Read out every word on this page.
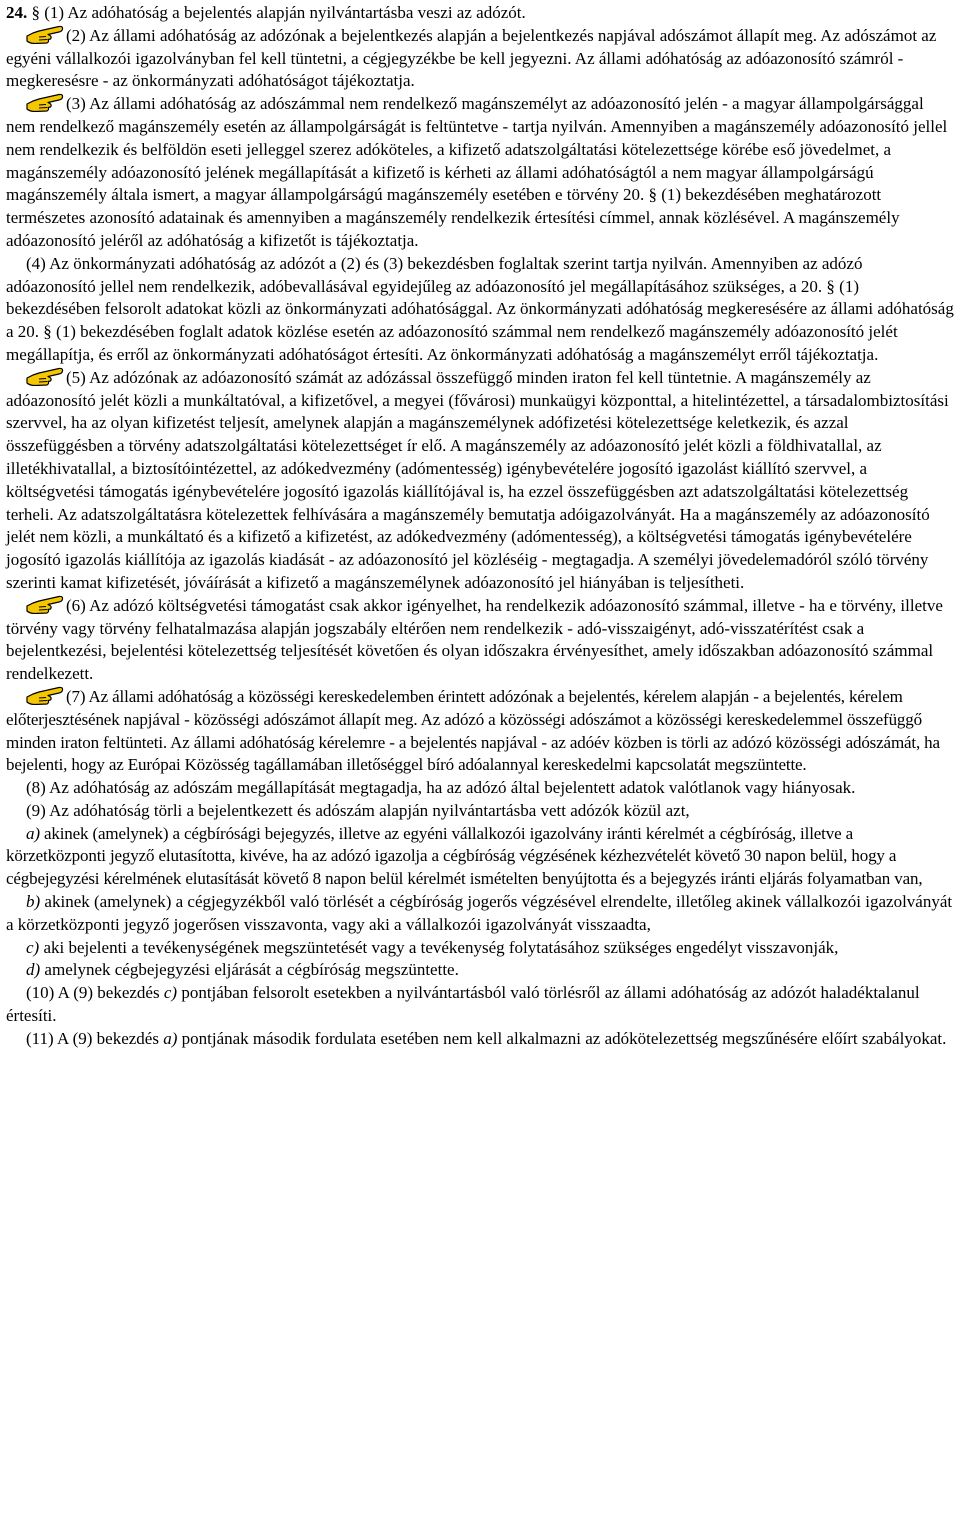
24. § (1) Az adóhatóság a bejelentés alapján nyilvántartásba veszi az adózót.

(2) Az állami adóhatóság az adózónak a bejelentkezés alapján a bejelentkezés napjával adószámot állapít meg. Az adószámot az egyéni vállalkozói igazolványban fel kell tüntetni, a cégjegyzékbe be kell jegyezni. Az állami adóhatóság az adóazonosító számról - megkeresésre - az önkormányzati adóhatóságot tájékoztatja.

(3) Az állami adóhatóság az adószámmal nem rendelkező magánszemélyt az adóazonosító jelén - a magyar állampolgársággal nem rendelkező magánszemély esetén az állampolgárságát is feltüntetve - tartja nyilván. Amennyiben a magánszemély adóazonosító jellel nem rendelkezik és belföldön eseti jelleggel szerez adóköteles, a kifizető adatszolgáltatási kötelezettsége körébe eső jövedelmet, a magánszemély adóazonosító jelének megállapítását a kifizető is kérheti az állami adóhatóságtól a nem magyar állampolgárságú magánszemély általa ismert, a magyar állampolgárságú magánszemély esetében e törvény 20. § (1) bekezdésében meghatározott természetes azonosító adatainak és amennyiben a magánszemély rendelkezik értesítési címmel, annak közlésével. A magánszemély adóazonosító jeléről az adóhatóság a kifizetőt is tájékoztatja.

(4) Az önkormányzati adóhatóság az adózót a (2) és (3) bekezdésben foglaltak szerint tartja nyilván. Amennyiben az adózó adóazonosító jellel nem rendelkezik, adóbevallásával egyidejűleg az adóazonosító jel megállapításához szükséges, a 20. § (1) bekezdésében felsorolt adatokat közli az önkormányzati adóhatósággal. Az önkormányzati adóhatóság megkeresésére az állami adóhatóság a 20. § (1) bekezdésében foglalt adatok közlése esetén az adóazonosító számmal nem rendelkező magánszemély adóazonosító jelét megállapítja, és erről az önkormányzati adóhatóságot értesíti. Az önkormányzati adóhatóság a magánszemélyt erről tájékoztatja.

(5) Az adózónak az adóazonosító számát az adózással összefüggő minden iraton fel kell tüntetnie. A magánszemély az adóazonosító jelét közli a munkáltatóval, a kifizetővel, a megyei (fővárosi) munkaügyi központtal, a hitelintézettel, a társadalombiztosítási szervvel, ha az olyan kifizetést teljesít, amelynek alapján a magánszemélynek adófizetési kötelezettsége keletkezik, és azzal összefüggésben a törvény adatszolgáltatási kötelezettséget ír elő. A magánszemély az adóazonosító jelét közli a földhivatallal, az illetékhivatallal, a biztosítóintézettel, az adókedvezmény (adómentesség) igénybevételére jogosító igazolást kiállító szervvel, a költségvetési támogatás igénybevételére jogosító igazolás kiállítójával is, ha ezzel összefüggésben azt adatszolgáltatási kötelezettség terheli. Az adatszolgáltatásra kötelezettek felhívására a magánszemély bemutatja adóigazolványát. Ha a magánszemély az adóazonosító jelét nem közli, a munkáltató és a kifizető a kifizetést, az adókedvezmény (adómentesség), a költségvetési támogatás igénybevételére jogosító igazolás kiállítója az igazolás kiadását - az adóazonosító jel közléséig - megtagadja. A személyi jövedelemadóról szóló törvény szerinti kamat kifizetését, jóváírását a kifizető a magánszemélynek adóazonosító jel hiányában is teljesítheti.

(6) Az adózó költségvetési támogatást csak akkor igényelhet, ha rendelkezik adóazonosító számmal, illetve - ha e törvény, illetve törvény vagy törvény felhatalmazása alapján jogszabály eltérően nem rendelkezik - adó-visszaigényt, adó-visszatérítést csak a bejelentkezési, bejelentési kötelezettség teljesítését követően és olyan időszakra érvényesíthet, amely időszakban adóazonosító számmal rendelkezett.

(7) Az állami adóhatóság a közösségi kereskedelemben érintett adózónak a bejelentés, kérelem alapján - a bejelentés, kérelem előterjesztésének napjával - közösségi adószámot állapít meg. Az adózó a közösségi adószámot a közösségi kereskedelemmel összefüggő minden iraton feltünteti. Az állami adóhatóság kérelemre - a bejelentés napjával - az adóév közben is törli az adózó közösségi adószámát, ha bejelenti, hogy az Európai Közösség tagállamában illetőséggel bíró adóalannyal kereskedelmi kapcsolatát megszüntette.

(8) Az adóhatóság az adószám megállapítását megtagadja, ha az adózó által bejelentett adatok valótlanok vagy hiányosak.

(9) Az adóhatóság törli a bejelentkezett és adószám alapján nyilvántartásba vett adózók közül azt,

a) akinek (amelynek) a cégbírósági bejegyzés, illetve az egyéni vállalkozói igazolvány iránti kérelmét a cégbíróság, illetve a körzetközponti jegyző elutasította, kivéve, ha az adózó igazolja a cégbíróság végzésének kézhezvételét követő 30 napon belül, hogy a cégbejegyzési kérelmének elutasítását követő 8 napon belül kérelmét ismételten benyújtotta és a bejegyzés iránti eljárás folyamatban van,

b) akinek (amelynek) a cégjegyzékből való törlését a cégbíróság jogerős végzésével elrendelte, illetőleg akinek vállalkozói igazolványát a körzetközponti jegyző jogerősen visszavonta, vagy aki a vállalkozói igazolványát visszaadta,

c) aki bejelenti a tevékenységének megszüntetését vagy a tevékenység folytatásához szükséges engedélyt visszavonják,

d) amelynek cégbejegyzési eljárását a cégbíróság megszüntette.

(10) A (9) bekezdés c) pontjában felsorolt esetekben a nyilvántartásból való törlésről az állami adóhatóság az adózót haladéktalanul értesíti.

(11) A (9) bekezdés a) pontjának második fordulata esetében nem kell alkalmazni az adókötelezettség megszűnésére előírt szabályokat.
